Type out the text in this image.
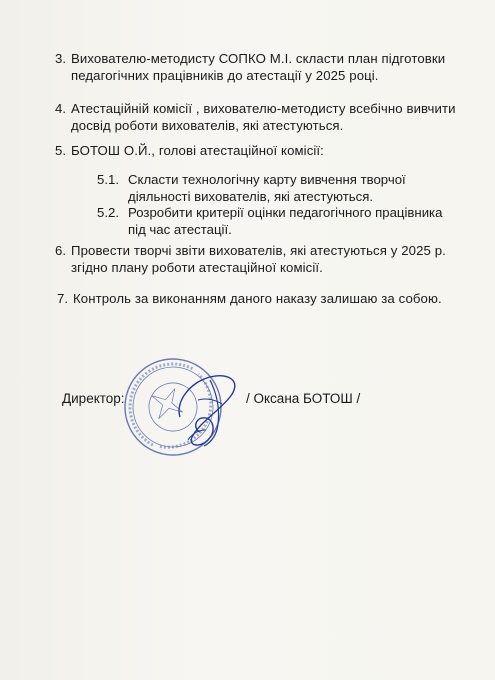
3. Вихователю-методисту СОПКО М.І. скласти план підготовки
педагогічних працівників до атестації у 2025 році.
4. Атестаційній комісії , вихователю-методисту всебічно вивчити
досвід роботи вихователів, які атестуються.
5. БОТОШ О.Й., голові атестаційної комісії:
5.1. Скласти технологічну карту вивчення творчої
діяльності вихователів, які атестуються.
5.2. Розробити критерії оцінки педагогічного працівника
під час атестації.
6. Провести творчі звіти вихователів, які атестуються у 2025 р.
згідно плану роботи атестаційної комісії.
7. Контроль за виконанням даного наказу залишаю за собою.
Директор:	/ Оксана БОТОШ /
